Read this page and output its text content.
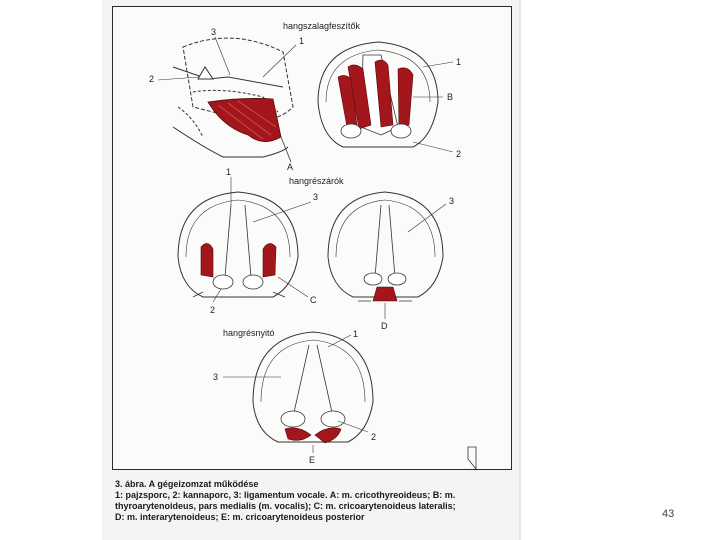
hangszalagfeszítők
hangrészárók
hangrésnyitó
3
1
2
A
1
B
2
1
3
2
C
3
D
1
3
2
E
3. ábra. A gégeizomzat működése
1: pajzsporc, 2: kannaporc, 3: ligamentum vocale. A: m. cricothyreoideus; B: m.
thyroarytenoideus, pars medialis (m. vocalis); C: m. cricoarytenoideus lateralis;
D: m. interarytenoideus; E: m. cricoarytenoideus posterior	43
